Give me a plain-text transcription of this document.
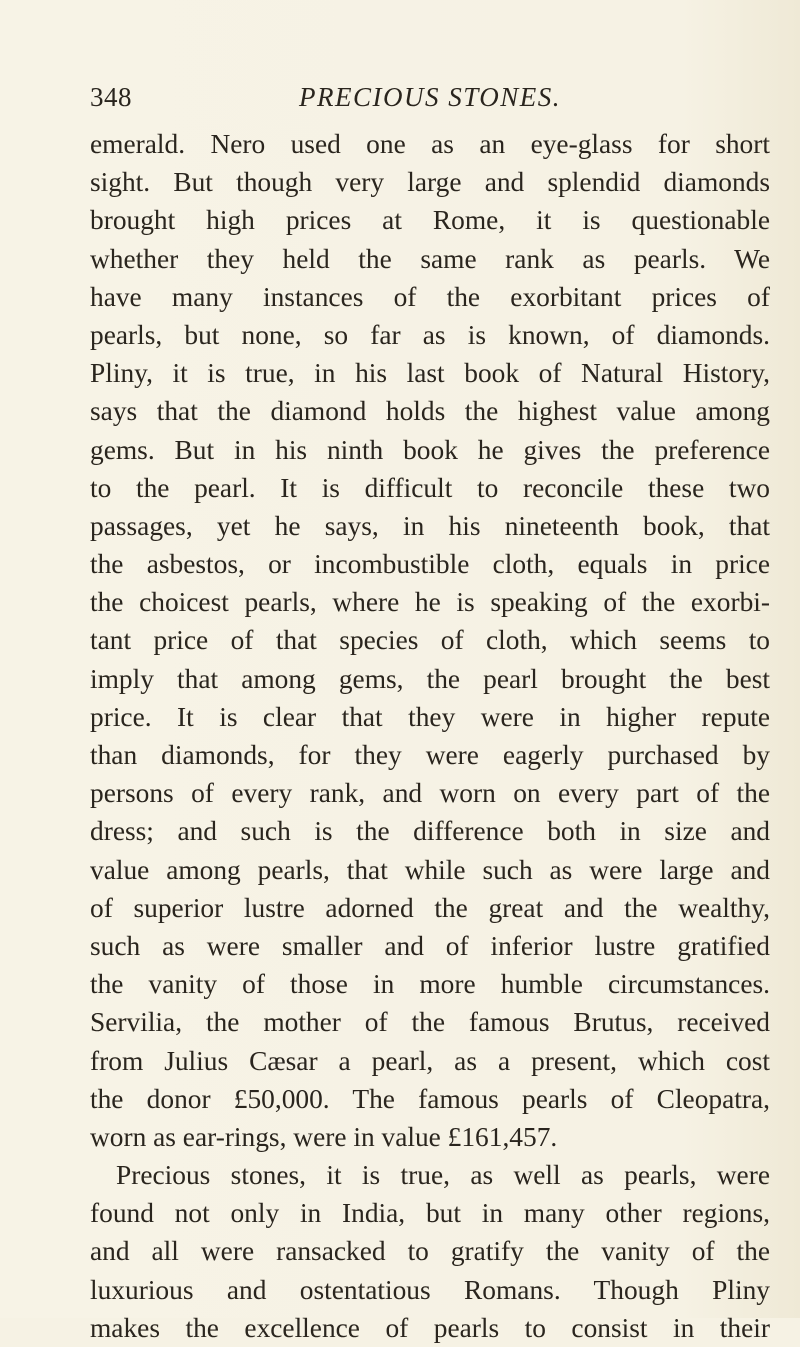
348	PRECIOUS STONES.
emerald. Nero used one as an eye-glass for short
sight. But though very large and splendid diamonds
brought high prices at Rome, it is questionable
whether they held the same rank as pearls. We
have many instances of the exorbitant prices of
pearls, but none, so far as is known, of diamonds.
Pliny, it is true, in his last book of Natural History,
says that the diamond holds the highest value among
gems. But in his ninth book he gives the preference
to the pearl. It is difficult to reconcile these two
passages, yet he says, in his nineteenth book, that
the asbestos, or incombustible cloth, equals in price
the choicest pearls, where he is speaking of the exorbi-
tant price of that species of cloth, which seems to
imply that among gems, the pearl brought the best
price. It is clear that they were in higher repute
than diamonds, for they were eagerly purchased by
persons of every rank, and worn on every part of the
dress; and such is the difference both in size and
value among pearls, that while such as were large and
of superior lustre adorned the great and the wealthy,
such as were smaller and of inferior lustre gratified
the vanity of those in more humble circumstances.
Servilia, the mother of the famous Brutus, received
from Julius Cæsar a pearl, as a present, which cost
the donor £50,000. The famous pearls of Cleopatra,
worn as ear-rings, were in value £161,457.
Precious stones, it is true, as well as pearls, were
found not only in India, but in many other regions,
and all were ransacked to gratify the vanity of the
luxurious and ostentatious Romans. Though Pliny
makes the excellence of pearls to consist in their
